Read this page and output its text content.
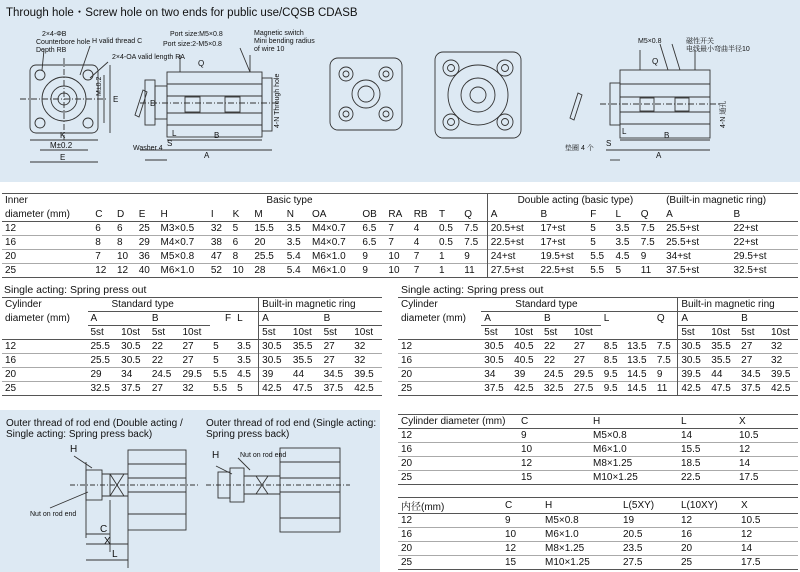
Through hole・Screw hole on two ends for public use/CQSB CDASB
2×4-ΦB
Counterbore hole
Depth RB
H valid thread C
2×4-OA valid length RA
E
K
M±0.2
E
M±0.2
Port size:M5×0.8
Port size:2-M5×0.8
Magnetic switch
Mini bending radius
of wire 10
Q
L	B
A
S
D
Washer 4
4-N Through hole
M5×0.8	磁性开关
电线最小弯曲半径10
Q
B
A
S
L
垫圈 4 个
4-N 通孔
Inner	Basic type														Double acting (basic type)					(Built-in magnetic ring)	
diameter (mm)	C	D	E	H	I	K	M	N	OA	OB	RA	RB	T	Q	A	B	F	L	Q	A	B
12	6	6	25	M3×0.5	32	5	15.5	3.5	M4×0.7	6.5	7	4	0.5	7.5	20.5+st	17+st	5	3.5	7.5	25.5+st	22+st
16	8	8	29	M4×0.7	38	6	20	3.5	M4×0.7	6.5	7	4	0.5	7.5	22.5+st	17+st	5	3.5	7.5	25.5+st	22+st
20	7	10	36	M5×0.8	47	8	25.5	5.4	M6×1.0	9	10	7	1	9	24+st	19.5+st	5.5	4.5	9	34+st	29.5+st
25	12	12	40	M6×1.0	52	10	28	5.4	M6×1.0	9	10	7	1	11	27.5+st	22.5+st	5.5	5	11	37.5+st	32.5+st
Single acting: Spring press out
Cylinder	Standard type						Built-in magnetic ring			
diameter (mm)	A		B		F	L	A		B	
	5st	10st	5st	10st			5st	10st	5st	10st
12	25.5	30.5	22	27	5	3.5	30.5	35.5	27	32
16	25.5	30.5	22	27	5	3.5	30.5	35.5	27	32
20	29	34	24.5	29.5	5.5	4.5	39	44	34.5	39.5
25	32.5	37.5	27	32	5.5	5	42.5	47.5	37.5	42.5
Single acting: Spring press out
Cylinder	Standard type							Built-in magnetic ring			
diameter (mm)	A		B		L		Q	A		B	
	5st	10st	5st	10st				5st	10st	5st	10st
12	30.5	40.5	22	27	8.5	13.5	7.5	30.5	35.5	27	32
16	30.5	40.5	22	27	8.5	13.5	7.5	30.5	35.5	27	32
20	34	39	24.5	29.5	9.5	14.5	9	39.5	44	34.5	39.5
25	37.5	42.5	32.5	27.5	9.5	14.5	11	42.5	47.5	37.5	42.5
Outer thread of rod end (Double acting /
Single acting: Spring press back)
Outer thread of rod end (Single acting:
Spring press back)
H
Nut on rod end
C
X
L
H	Nut on rod end
Cylinder diameter (mm)	C	H	L	X
12	9	M5×0.8	14	10.5
16	10	M6×1.0	15.5	12
20	12	M8×1.25	18.5	14
25	15	M10×1.25	22.5	17.5
内径(mm)	C	H	L(5XY)	L(10XY)	X
12	9	M5×0.8	19	12	10.5
16	10	M6×1.0	20.5	16	12
20	12	M8×1.25	23.5	20	14
25	15	M10×1.25	27.5	25	17.5
